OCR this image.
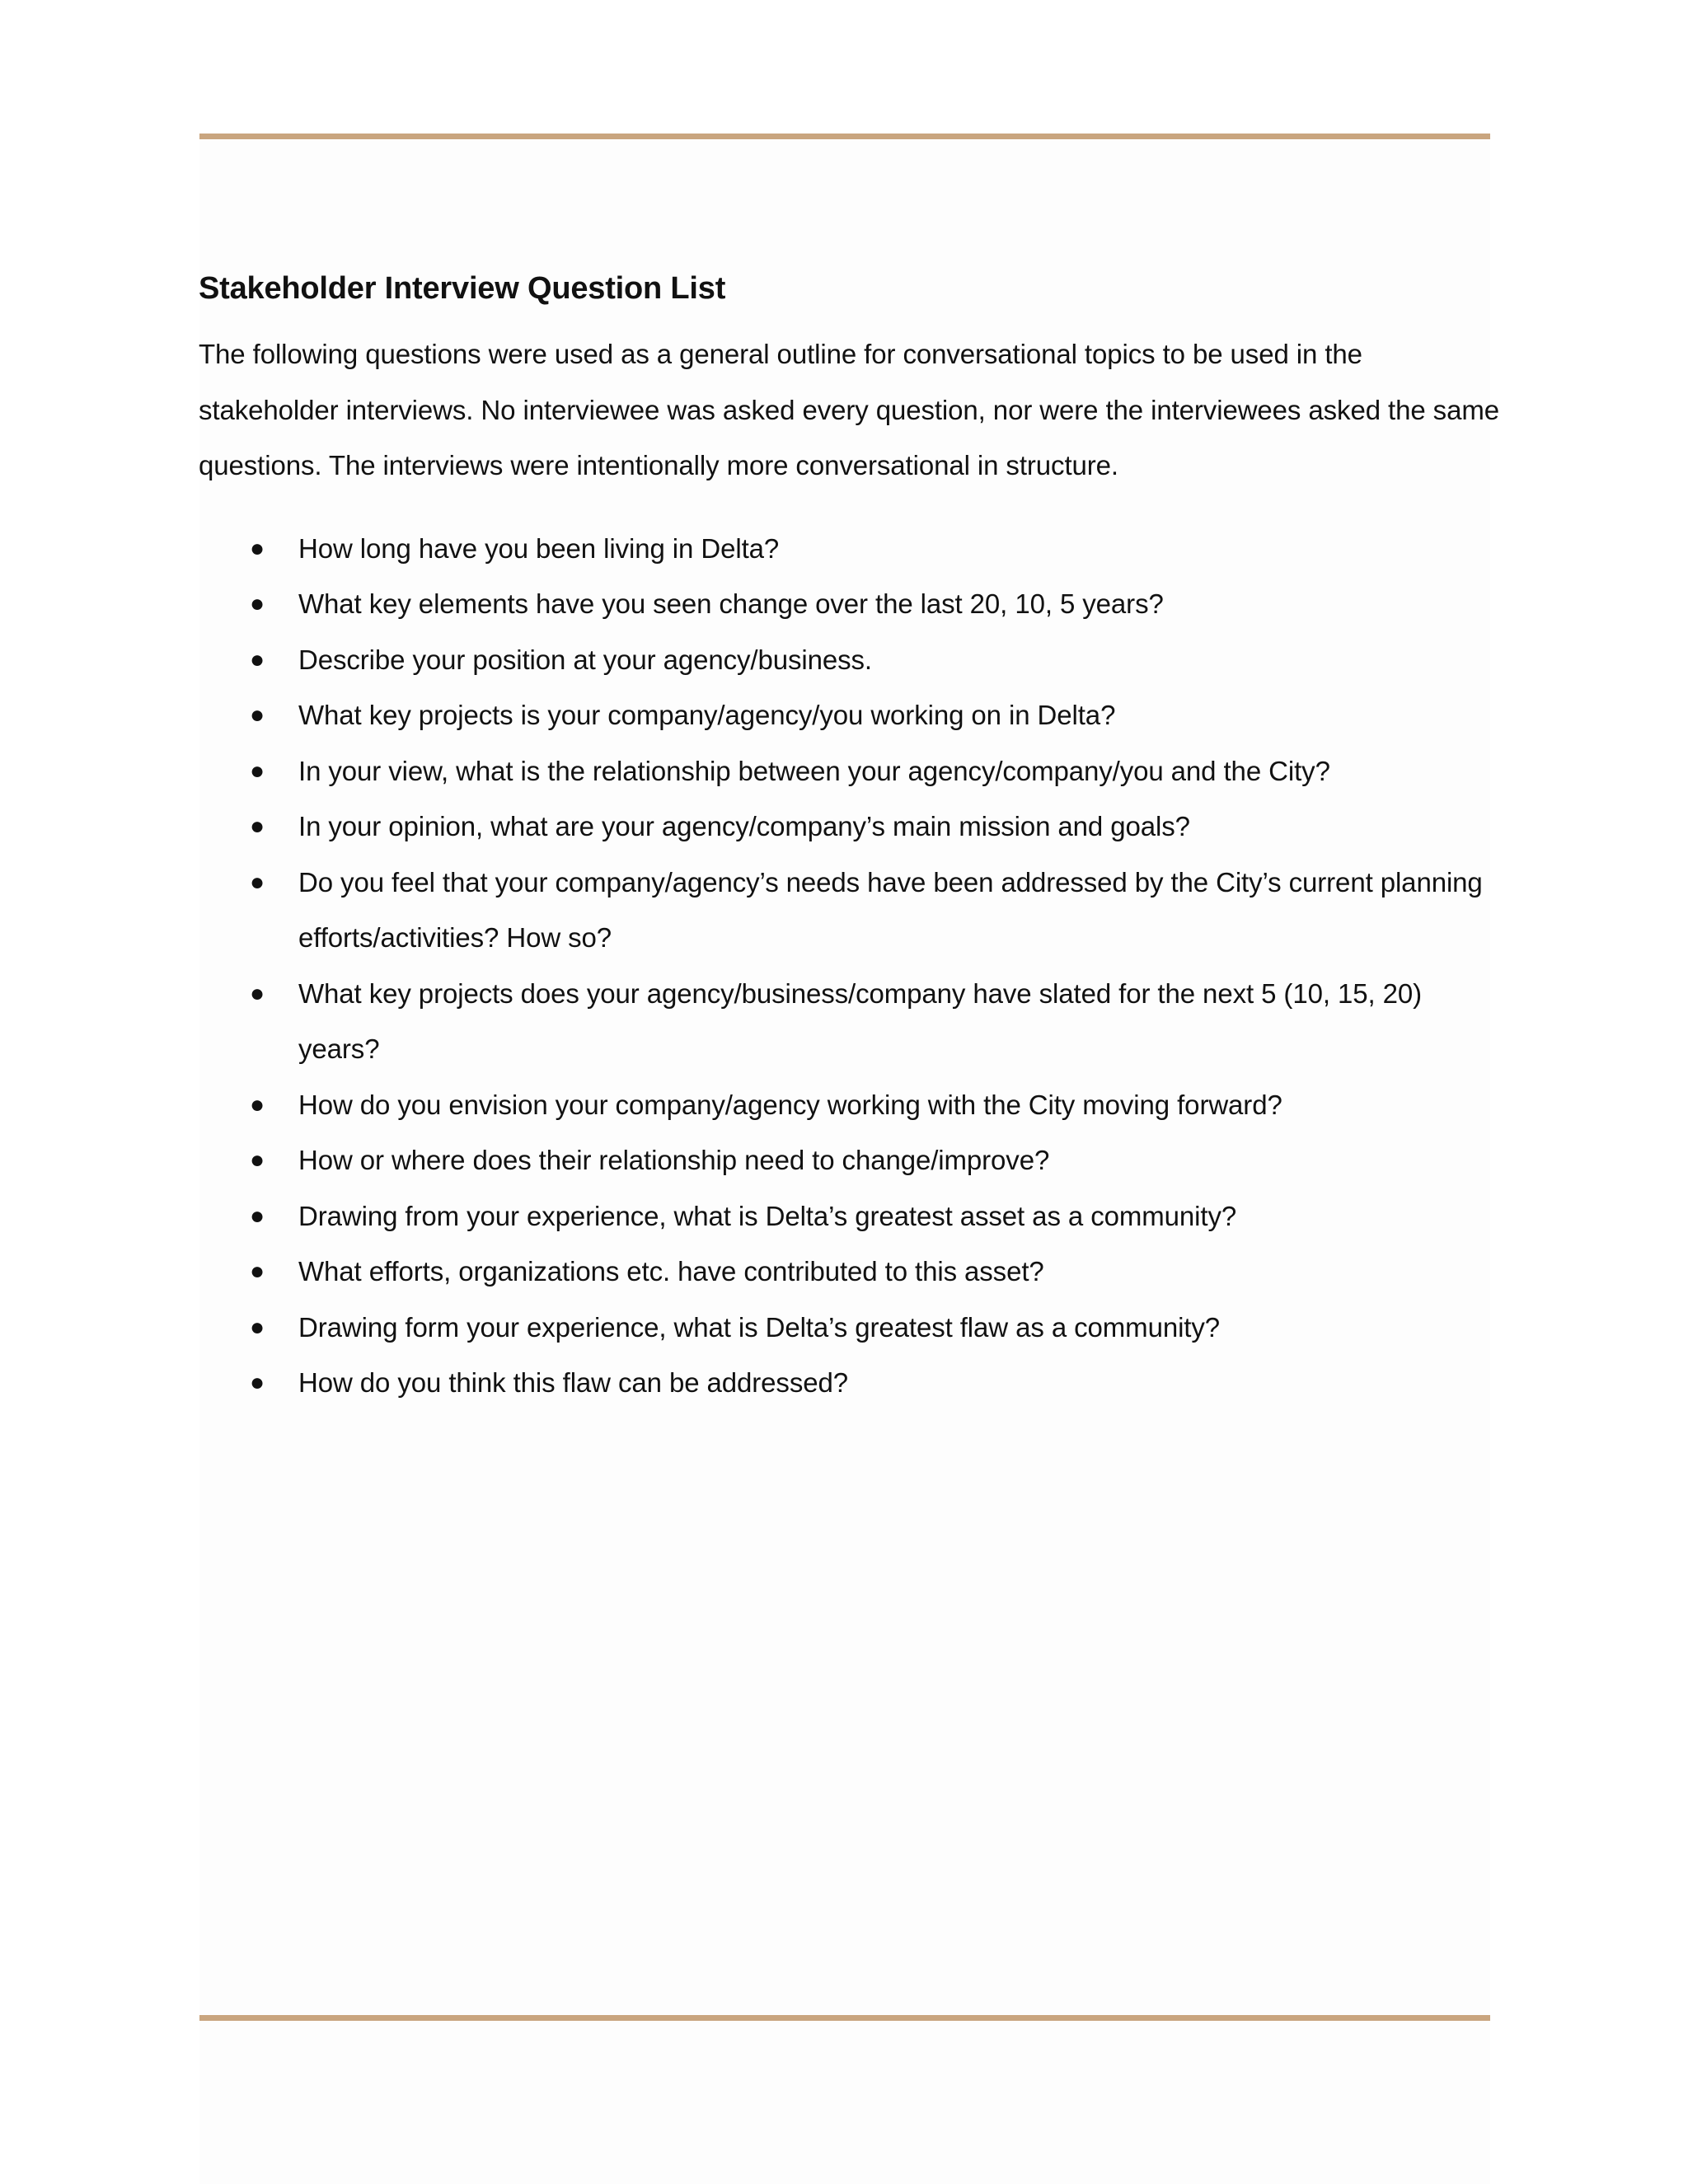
Stakeholder Interview Question List

The following questions were used as a general outline for conversational topics to be used in the stakeholder interviews. No interviewee was asked every question, nor were the interviewees asked the same questions. The interviews were intentionally more conversational in structure.

● How long have you been living in Delta?
● What key elements have you seen change over the last 20, 10, 5 years?
● Describe your position at your agency/business.
● What key projects is your company/agency/you working on in Delta?
● In your view, what is the relationship between your agency/company/you and the City?
● In your opinion, what are your agency/company’s main mission and goals?
● Do you feel that your company/agency’s needs have been addressed by the City’s current planning efforts/activities? How so?
● What key projects does your agency/business/company have slated for the next 5 (10, 15, 20) years?
● How do you envision your company/agency working with the City moving forward?
● How or where does their relationship need to change/improve?
● Drawing from your experience, what is Delta’s greatest asset as a community?
● What efforts, organizations etc. have contributed to this asset?
● Drawing form your experience, what is Delta’s greatest flaw as a community?
● How do you think this flaw can be addressed?
